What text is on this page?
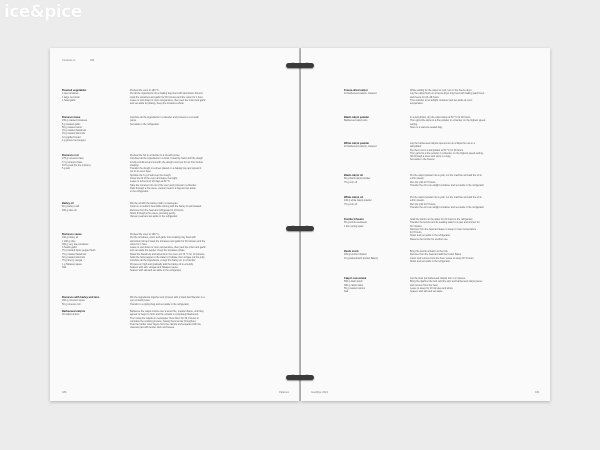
ice&pice
Contents to	181
Roasted vegetables
2 ripe tomatoes
1 large red onion
1 head garlic
Preheat the oven to 180 °C.
Put all the ingredients into a baking tray lined with aluminium foil and
roast the tomatoes and garlic for 30 minutes and the onion for 1 hour.
Leave to cool down to room temperature, then peel the onion and garlic
and set aside for plating. Keep the tomatoes whole.
Romesco base
150 g roasted tomatoes
8 g roasted garlic
50 g roasted onion
15 g roasted hazelnuts
15 g roasted almonds
12 g grilled bread
2 g ground red pepper
Combine all the ingredients in a blender and process to a smooth
purée.
Set aside in the refrigerator.
Romesco roti
275 g romesco base
77 g romesco base
10.5 g salt (for the mixture)
5 g salt
Preheat the hot in a blender to a smooth purée.
Combine all the ingredients in a bowl. Knead by hand until the dough
is fully combined and smooth; the dough must rest for an hour before
shaping.
Transfer the dough to a sheet placed on a baking tray and spread it
out to an even layer.
Sprinkle the 5 g of salt over the dough.
Close the lid of the oven and leave overnight.
Leave to ferment for 20 days at 60 °C.
Take the romesco roti out of the oven and process in a blender.
Pass through a fine sieve, vacuum seal in a bag and set aside
in the refrigerator.
Barley oil
60 g barley malt
200 g olive oil
Mix the oil with the barley malt in a saucepan.
Cook on a medium heat while stirring with the barley is well toasted.
Remove from the heat and refrigerate for 24 hours.
Strain through a fine sieve, pressing gently.
Vacuum seal and set aside in the refrigerator.
Romesco sauce
190 g barley oil
1 200 g olive
300 g very ripe tomatoes
3 heads garlic
75 g toasted loose pepper flesh
75 g roasted hazelnuts
30 g roasted almonds
75 g sherry vinegar
1 g Tabasco sauce
Salt
Preheat the oven to 180 °C.
Put the tomatoes, onion and garlic into a baking tray lined with
aluminium foil and roast the tomatoes and garlic for 30 minutes and the
onion for 1 hour.
Leave to cool down to room temperature, then peel the onion and garlic
and set aside the pepper. Keep the tomatoes whole.
Roast the hazelnuts and almonds in the oven at 170 °C for 10 minutes.
Soak the ñora pepper in the water to hydrate, then scrape out the pulp.
Combine all the ingredients, except the barley oil, in a blender.
Process on high and gradually add the barley oil to emulsify.
Season with salt, vinegar and Tabasco sauce.
Season with salt and set aside in the refrigerator.
Romesco with barley and tens
200 g romesco sauce
50 g romesco roti
Mix the ingredients together and process with a hand-held blender to a
very smooth purée.
Transfer to a piping bag and set aside in the refrigerator.
Barbecued calçots
30 calçot onions
Barbecue the calçot onions over a wood fire, medium flame, until they
appear to begin to 'sink' and the outside is completely blackened.
Then wrap the calçots in newspaper. Rest them for 30 minutes to
complete the cooking process, having them tender throughout.
Peel the harder outer layers from the calçots and separate both the
cleanest part with tender stem and leaves.
180	Patience
Freeze-dried calçot
10 barbecued calçots, cleaned
While waiting for the calçot to cool, turn in the freeze-dryer.
Lay the calçot flesh on a freeze-dryer tray lined with baking parchment
and freeze for 24–48 hours.
Then transfer to an airtight container and set aside at room
temperature.
Black calçot powder
Barbecued calçot skin
In a dehydrator, dry the calçot skins at 50 °C for 48 hours.
Then grind the skins to a fine powder in a blender on the highest speed
setting.
Store in a vacuum-sealed bag.
White calçot powder
10 barbecued calçots, cleaned
Lay the barbecued calçots opened out on a Silpat for use in a
dehydrator.
Dry them out in a dehydrator at 50 °C for 48 hours.
Then grind to a fine powder in a blender on the highest speed setting.
Sift through a sieve and store in a bag.
Set aside in the freezer.
Black calçot oil
80 g black calçot powder
75 g corn oil
Put the calçot powder into a yolk, run the machine and add the oil in
a thin stream.
Run the yolk for 5 hours.
Transfer the oil to an airtight container and set aside in the refrigerator.
White calçot oil
100 g white calçot powder
75 g corn oil
Put the calçot powder into a yolk, run the machine and add the oil in
a thin stream.
Run the yolk for 5 hours.
Transfer the oil to an airtight container and set aside in the refrigerator.
Kombu infusion
50 g kombu seaweed
1 litre spring water
Soak the kombu in the water for 24 hours in the refrigerator.
Transfer the kombu and its soaking water to a pan and simmer for
30 minutes.
Remove from the heat and leave to steep to room temperature
for 8 hours.
Strain and set aside in the refrigerator.
Reserve the kombu for another use.
Dashi stock
400 g kombu infusion
10 g katsuobushi (bonito flakes)
Bring the kombu infusion to the boil.
Remove from the heat and add the bonito flakes.
Cover and remove from the heat. Leave to steep for 5 hours.
Strain and set aside in the refrigerator.
Calçot consommé
500 g dashi stock
300 g calçot skins
50 g roasted onions
Salt
Cut the slow pot barbecued calçots into 1 cm pieces.
Bring the dashi to the boil, add the skin and barbecued calçot pieces
and remove from the heat.
Leave to steep for 10 minutes and strain.
Season with salt and set aside.
Goodbye 2021	181
